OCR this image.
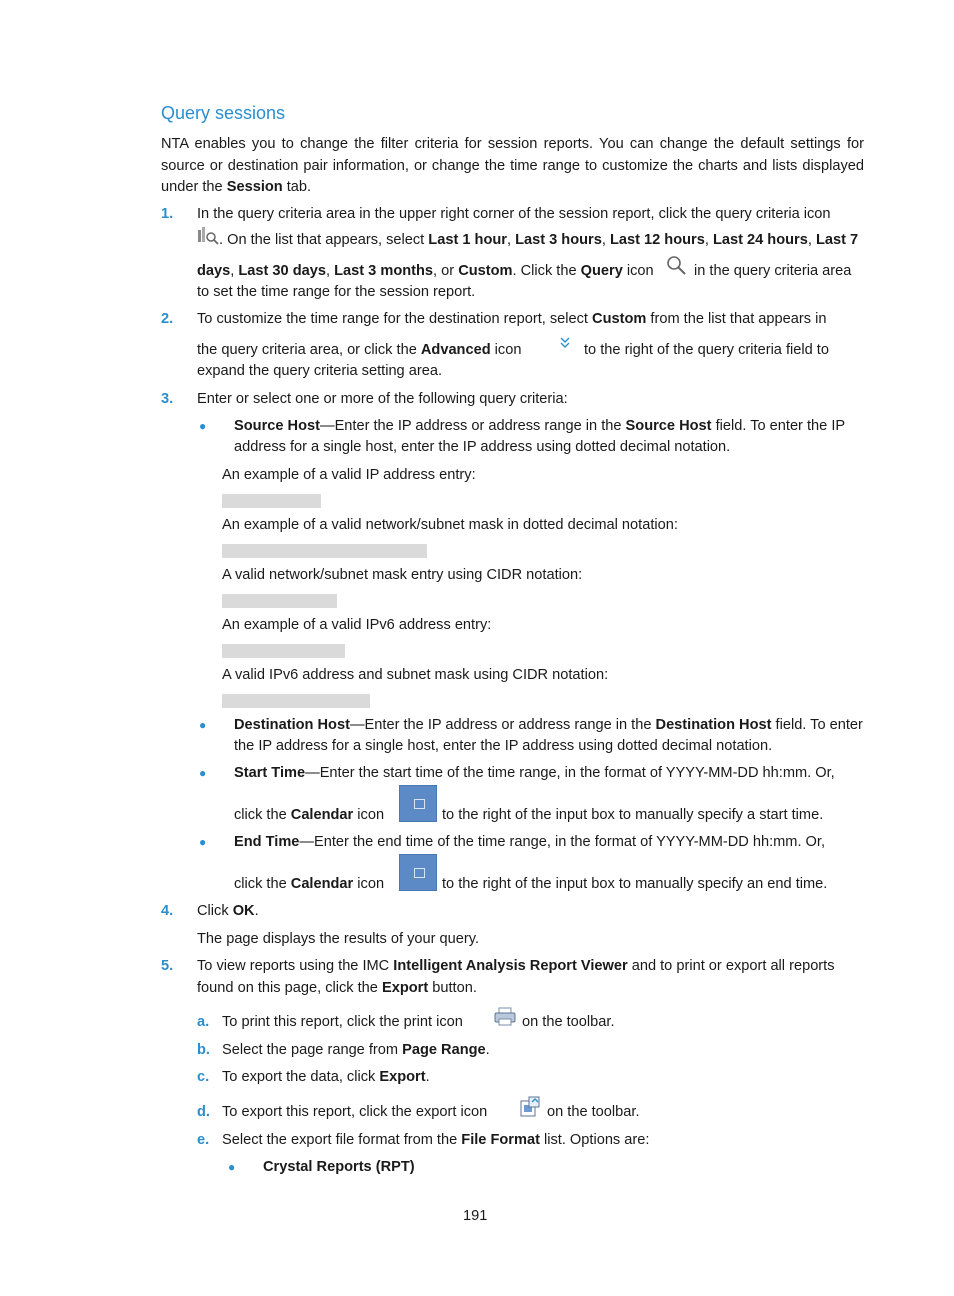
Query sessions
NTA enables you to change the filter criteria for session reports. You can change the default settings for source or destination pair information, or change the time range to customize the charts and lists displayed under the Session tab.
1. In the query criteria area in the upper right corner of the session report, click the query criteria icon
. On the list that appears, select Last 1 hour, Last 3 hours, Last 12 hours, Last 24 hours, Last 7
days, Last 30 days, Last 3 months, or Custom. Click the Query icon	in the query criteria area
to set the time range for the session report.
2. To customize the time range for the destination report, select Custom from the list that appears in
the query criteria area, or click the Advanced icon	to the right of the query criteria field to
expand the query criteria setting area.
3. Enter or select one or more of the following query criteria:
● Source Host—Enter the IP address or address range in the Source Host field. To enter the IP
address for a single host, enter the IP address using dotted decimal notation.
An example of a valid IP address entry:
An example of a valid network/subnet mask in dotted decimal notation:
A valid network/subnet mask entry using CIDR notation:
An example of a valid IPv6 address entry:
A valid IPv6 address and subnet mask using CIDR notation:
● Destination Host—Enter the IP address or address range in the Destination Host field. To enter
the IP address for a single host, enter the IP address using dotted decimal notation.
● Start Time—Enter the start time of the time range, in the format of YYYY-MM-DD hh:mm. Or,
click the Calendar icon	to the right of the input box to manually specify a start time.
● End Time—Enter the end time of the time range, in the format of YYYY-MM-DD hh:mm. Or,
click the Calendar icon	to the right of the input box to manually specify an end time.
4. Click OK.
The page displays the results of your query.
5. To view reports using the IMC Intelligent Analysis Report Viewer and to print or export all reports
found on this page, click the Export button.
a. To print this report, click the print icon	on the toolbar.
b. Select the page range from Page Range.
c. To export the data, click Export.
d. To export this report, click the export icon	on the toolbar.
e. Select the export file format from the File Format list. Options are:
● Crystal Reports (RPT)
191
